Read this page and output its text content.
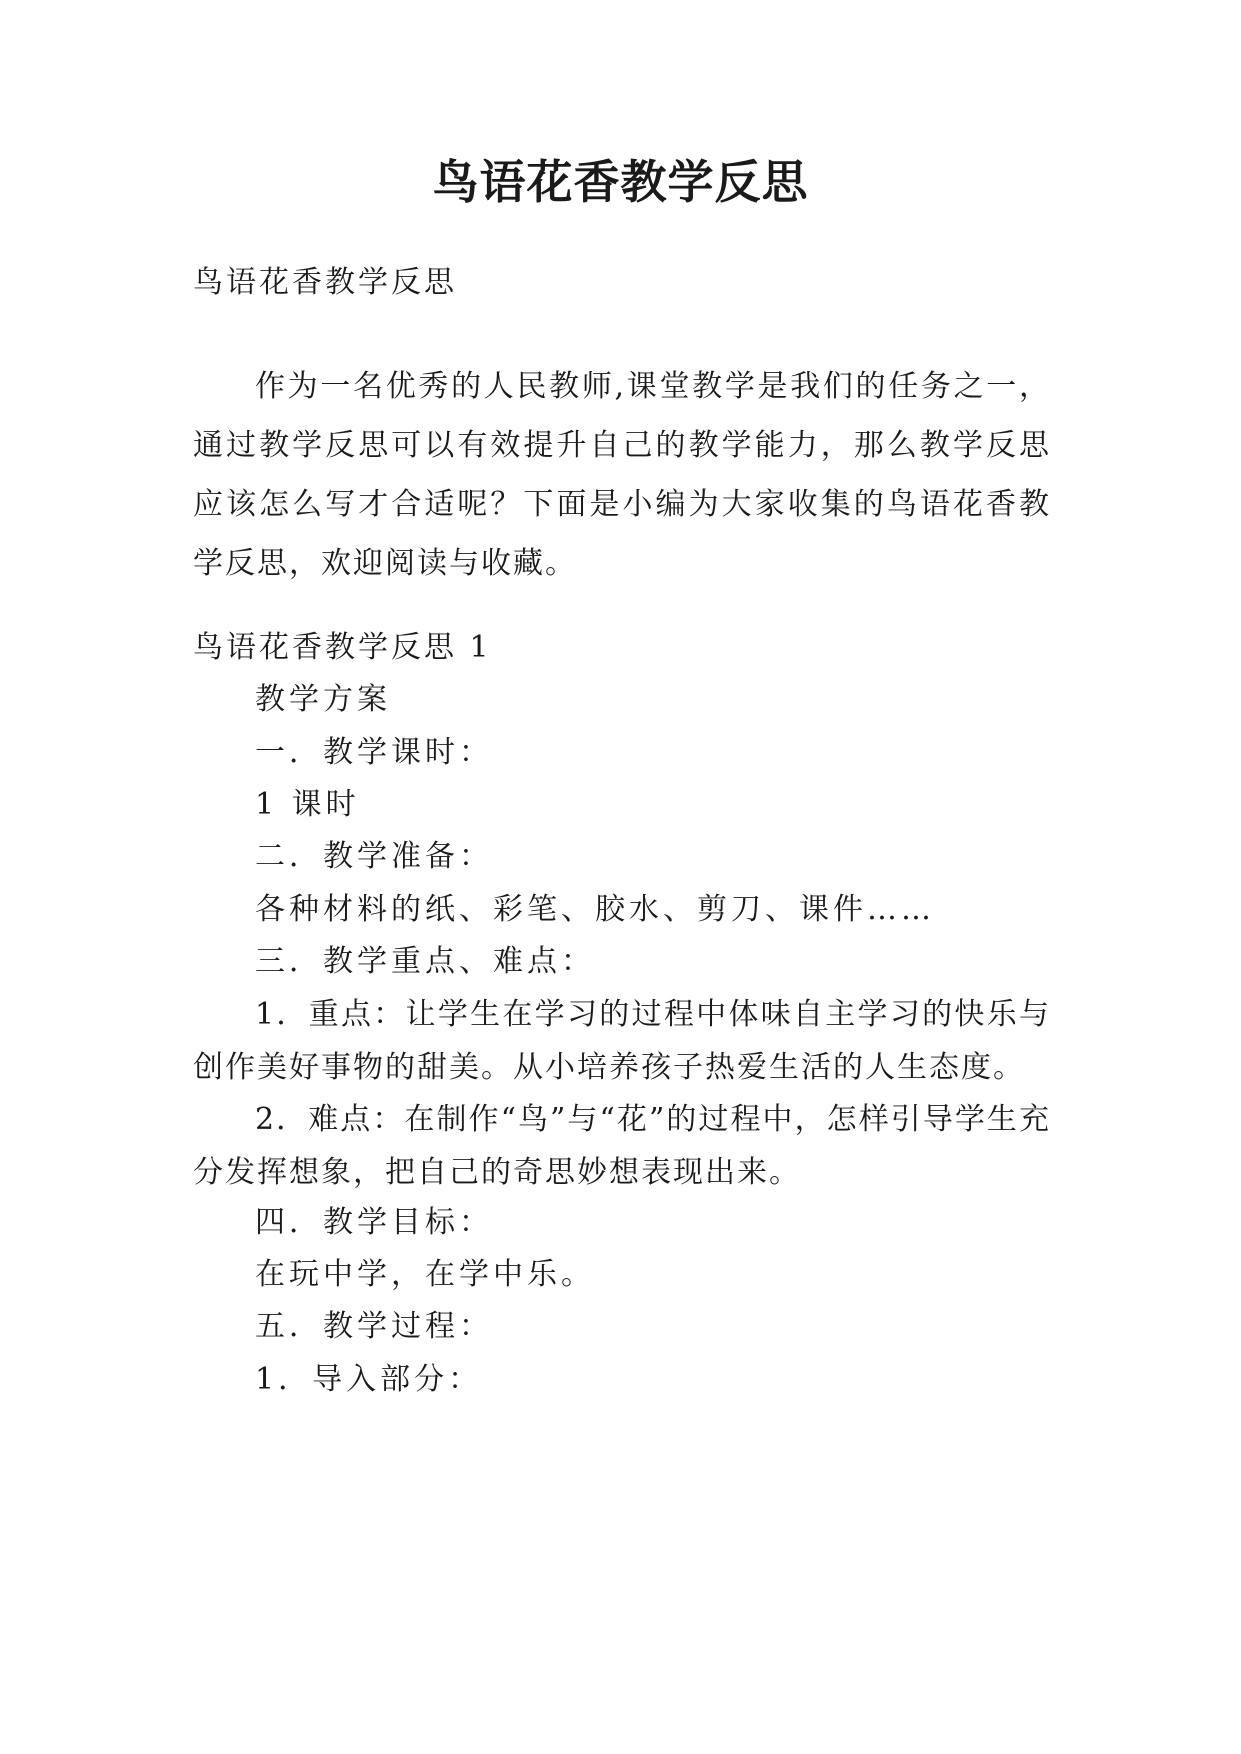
鸟语花香教学反思
鸟语花香教学反思
作为一名优秀的人民教师,课堂教学是我们的任务之一，通过教学反思可以有效提升自己的教学能力，那么教学反思应该怎么写才合适呢？下面是小编为大家收集的鸟语花香教学反思，欢迎阅读与收藏。
鸟语花香教学反思 1
教学方案
一．教学课时：
1 课时
二．教学准备：
各种材料的纸、彩笔、胶水、剪刀、课件……
三．教学重点、难点：
1．重点：让学生在学习的过程中体味自主学习的快乐与创作美好事物的甜美。从小培养孩子热爱生活的人生态度。
2．难点：在制作“鸟”与“花”的过程中，怎样引导学生充分发挥想象，把自己的奇思妙想表现出来。
四．教学目标：
在玩中学，在学中乐。
五．教学过程：
1．导入部分：
